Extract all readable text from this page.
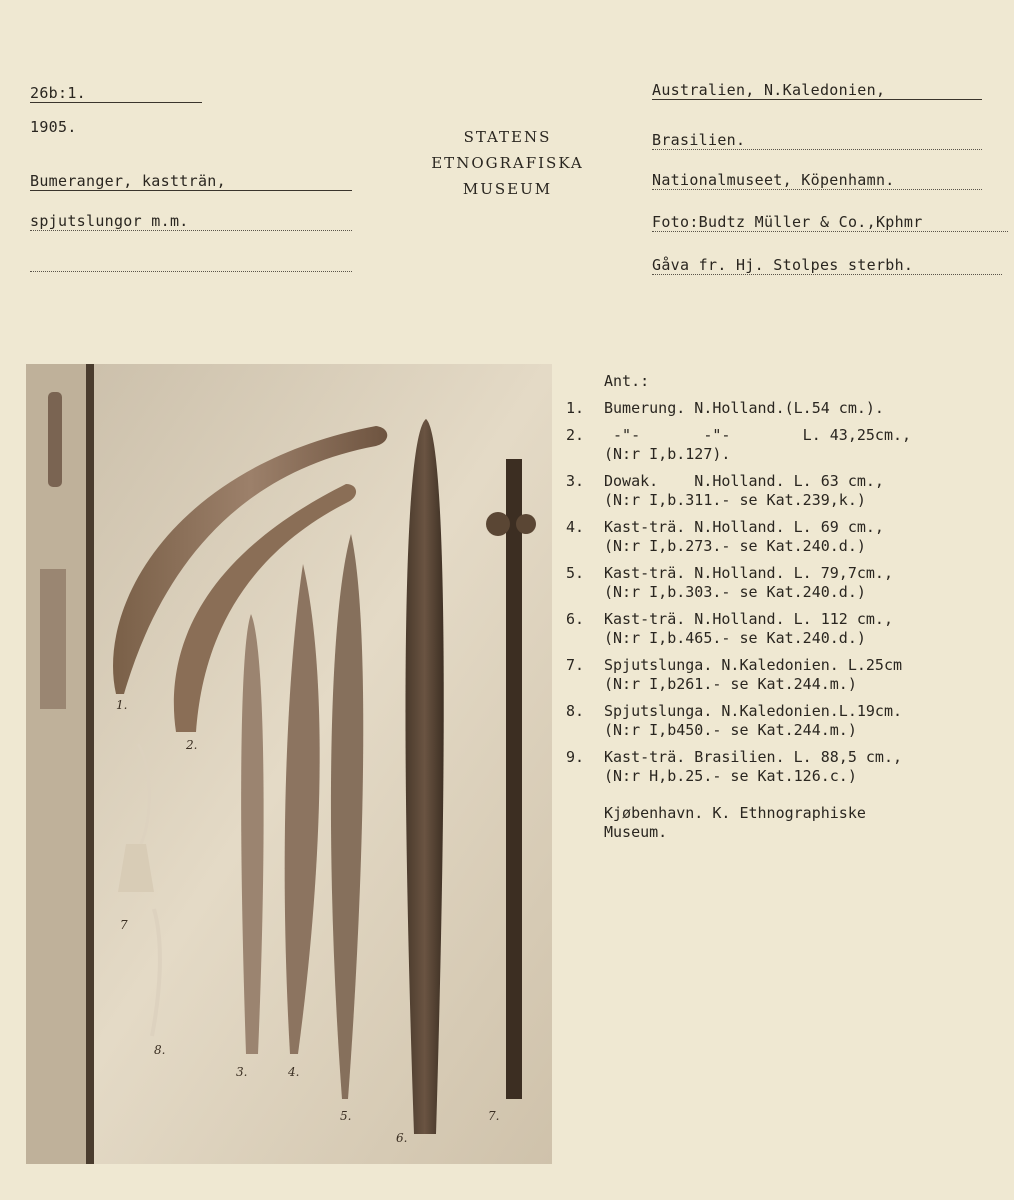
26b:1.
1905.
Bumeranger, kastträn,
spjutslungor m.m.
STATENS
ETNOGRAFISKA
MUSEUM
Australien, N.Kaledonien,
Brasilien.
Nationalmuseet, Köpenhamn.
Foto:Budtz Müller & Co.,Kphmr
Gåva fr. Hj. Stolpes sterbh.
1.
2.
3.	4.
5.
6.
7.
7
8.
Ant.:
1. Bumerung. N.Holland.(L.54 cm.).
2. -"-       -"-        L. 43,25cm.,
(N:r I,b.127).
3. Dowak.    N.Holland. L. 63 cm.,
(N:r I,b.311.- se Kat.239,k.)
4. Kast-trä. N.Holland. L. 69 cm.,
(N:r I,b.273.- se Kat.240.d.)
5. Kast-trä. N.Holland. L. 79,7cm.,
(N:r I,b.303.- se Kat.240.d.)
6. Kast-trä. N.Holland. L. 112 cm.,
(N:r I,b.465.- se Kat.240.d.)
7. Spjutslunga. N.Kaledonien. L.25cm
(N:r I,b261.- se Kat.244.m.)
8. Spjutslunga. N.Kaledonien.L.19cm.
(N:r I,b450.- se Kat.244.m.)
9. Kast-trä. Brasilien. L. 88,5 cm.,
(N:r H,b.25.- se Kat.126.c.)
Kjøbenhavn. K. Ethnographiske
Museum.
